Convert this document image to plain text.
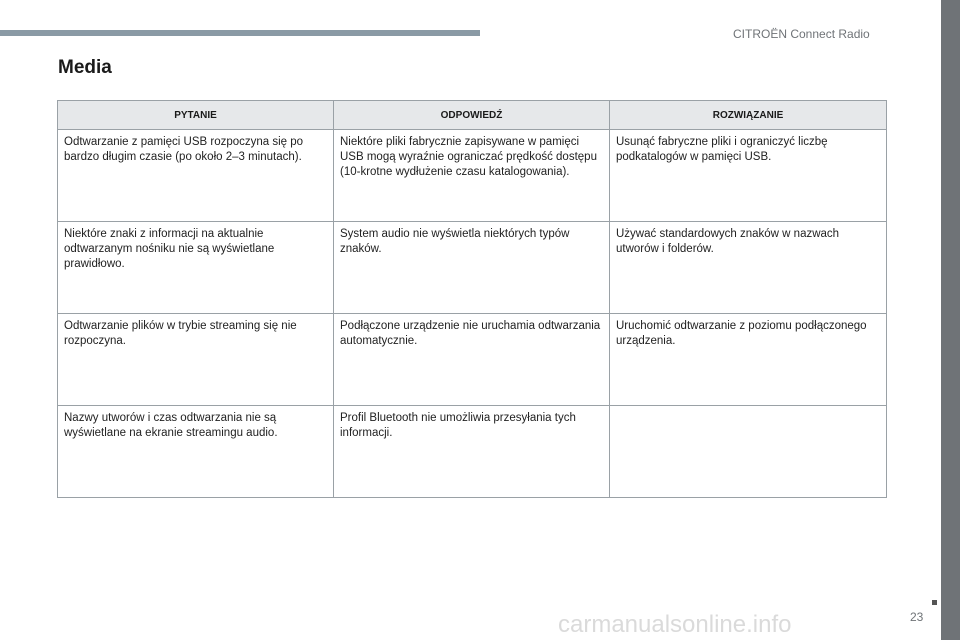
CITROËN Connect Radio
Media
PYTANIE	ODPOWIEDŹ	ROZWIĄZANIE
Odtwarzanie z pamięci USB rozpoczyna się po bardzo długim czasie (po około 2–3 minutach).	Niektóre pliki fabrycznie zapisywane w pamięci USB mogą wyraźnie ograniczać prędkość dostępu (10-krotne wydłużenie czasu katalogowania).	Usunąć fabryczne pliki i ograniczyć liczbę podkatalogów w pamięci USB.
Niektóre znaki z informacji na aktualnie odtwarzanym nośniku nie są wyświetlane prawidłowo.	System audio nie wyświetla niektórych typów znaków.	Używać standardowych znaków w nazwach utworów i folderów.
Odtwarzanie plików w trybie streaming się nie rozpoczyna.	Podłączone urządzenie nie uruchamia odtwarzania automatycznie.	Uruchomić odtwarzanie z poziomu podłączonego urządzenia.
Nazwy utworów i czas odtwarzania nie są wyświetlane na ekranie streamingu audio.	Profil Bluetooth nie umożliwia przesyłania tych informacji.	
carmanualsonline.info	23
